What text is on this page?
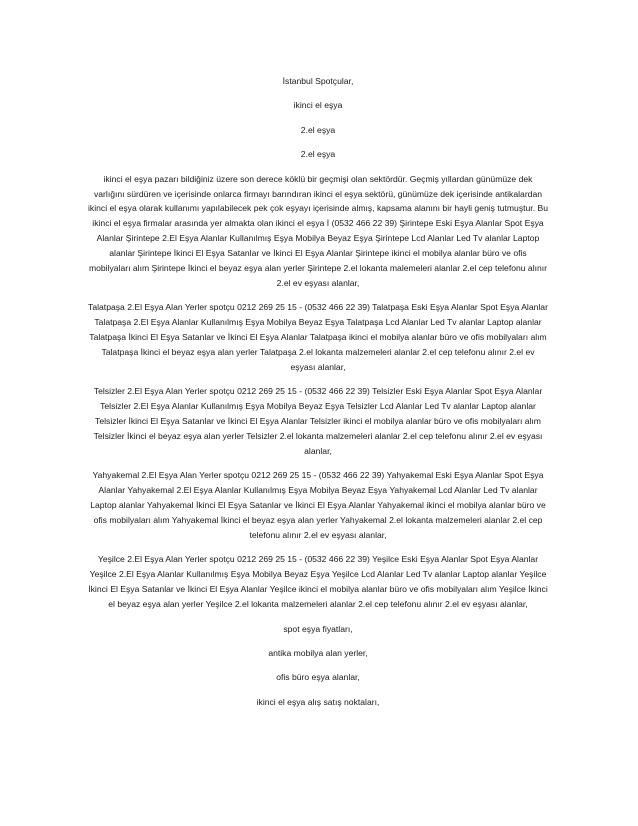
İstanbul Spotçular,
ikinci el eşya
2.el eşya
2.el eşya
ikinci el eşya pazarı bildiğiniz üzere son derece köklü bir geçmişi olan sektördür. Geçmiş yıllardan günümüze dek varlığını sürdüren ve içerisinde onlarca firmayı barındıran ikinci el eşya sektörü, günümüze dek içerisinde antikalardan ikinci el eşya olarak kullanımı yapılabilecek pek çok eşyayı içerisinde almış, kapsama alanını bir hayli geniş tutmuştur. Bu ikinci el eşya firmalar arasında yer almakta olan ikinci el eşya İ (0532 466 22 39) Şirintepe Eski Eşya Alanlar Spot Eşya Alanlar Şirintepe 2.El Eşya Alanlar Kullanılmış Eşya Mobilya Beyaz Eşya Şirintepe Lcd Alanlar Led Tv alanlar Laptop alanlar Şirintepe İkinci El Eşya Satanlar ve İkinci El Eşya Alanlar Şirintepe ikinci el mobilya alanlar büro ve ofis mobilyaları alım Şirintepe İkinci el beyaz eşya alan yerler Şirintepe 2.el lokanta malemeleri alanlar 2.el cep telefonu alınır 2.el ev eşyası alanlar,
Talatpaşa 2.El Eşya Alan Yerler spotçu 0212 269 25 15 - (0532 466 22 39) Talatpaşa Eski Eşya Alanlar Spot Eşya Alanlar Talatpaşa 2.El Eşya Alanlar Kullanılmış Eşya Mobilya Beyaz Eşya Talatpaşa Lcd Alanlar Led Tv alanlar Laptop alanlar Talatpaşa İkinci El Eşya Satanlar ve İkinci El Eşya Alanlar Talatpaşa ikinci el mobilya alanlar büro ve ofis mobilyaları alım Talatpaşa İkinci el beyaz eşya alan yerler Talatpaşa 2.el lokanta malzemeleri alanlar 2.el cep telefonu alınır 2.el ev eşyası alanlar,
Telsizler 2.El Eşya Alan Yerler spotçu 0212 269 25 15 - (0532 466 22 39) Telsizler Eski Eşya Alanlar Spot Eşya Alanlar Telsizler 2.El Eşya Alanlar Kullanılmış Eşya Mobilya Beyaz Eşya Telsizler Lcd Alanlar Led Tv alanlar Laptop alanlar Telsizler İkinci El Eşya Satanlar ve İkinci El Eşya Alanlar Telsizler ikinci el mobilya alanlar büro ve ofis mobilyaları alım Telsizler İkinci el beyaz eşya alan yerler Telsizler 2.el lokanta malzemeleri alanlar 2.el cep telefonu alınır 2.el ev eşyası alanlar,
Yahyakemal 2.El Eşya Alan Yerler spotçu 0212 269 25 15 - (0532 466 22 39) Yahyakemal Eski Eşya Alanlar Spot Eşya Alanlar Yahyakemal 2.El Eşya Alanlar Kullanılmış Eşya Mobilya Beyaz Eşya Yahyakemal Lcd Alanlar Led Tv alanlar Laptop alanlar Yahyakemal İkinci El Eşya Satanlar ve İkinci El Eşya Alanlar Yahyakemal ikinci el mobilya alanlar büro ve ofis mobilyaları alım Yahyakemal İkinci el beyaz eşya alan yerler Yahyakemal 2.el lokanta malzemeleri alanlar 2.el cep telefonu alınır 2.el ev eşyası alanlar,
Yeşilce 2.El Eşya Alan Yerler spotçu 0212 269 25 15 - (0532 466 22 39) Yeşilce Eski Eşya Alanlar Spot Eşya Alanlar Yeşilce 2.El Eşya Alanlar Kullanılmış Eşya Mobilya Beyaz Eşya Yeşilce Lcd Alanlar Led Tv alanlar Laptop alanlar Yeşilce İkinci El Eşya Satanlar ve İkinci El Eşya Alanlar Yeşilce ikinci el mobilya alanlar büro ve ofis mobilyaları alım Yeşilce İkinci el beyaz eşya alan yerler Yeşilce 2.el lokanta malzemeleri alanlar 2.el cep telefonu alınır 2.el ev eşyası alanlar,
spot eşya fiyatları,
antika mobilya alan yerler,
ofis büro eşya alanlar,
ikinci el eşya alış satış noktaları,
